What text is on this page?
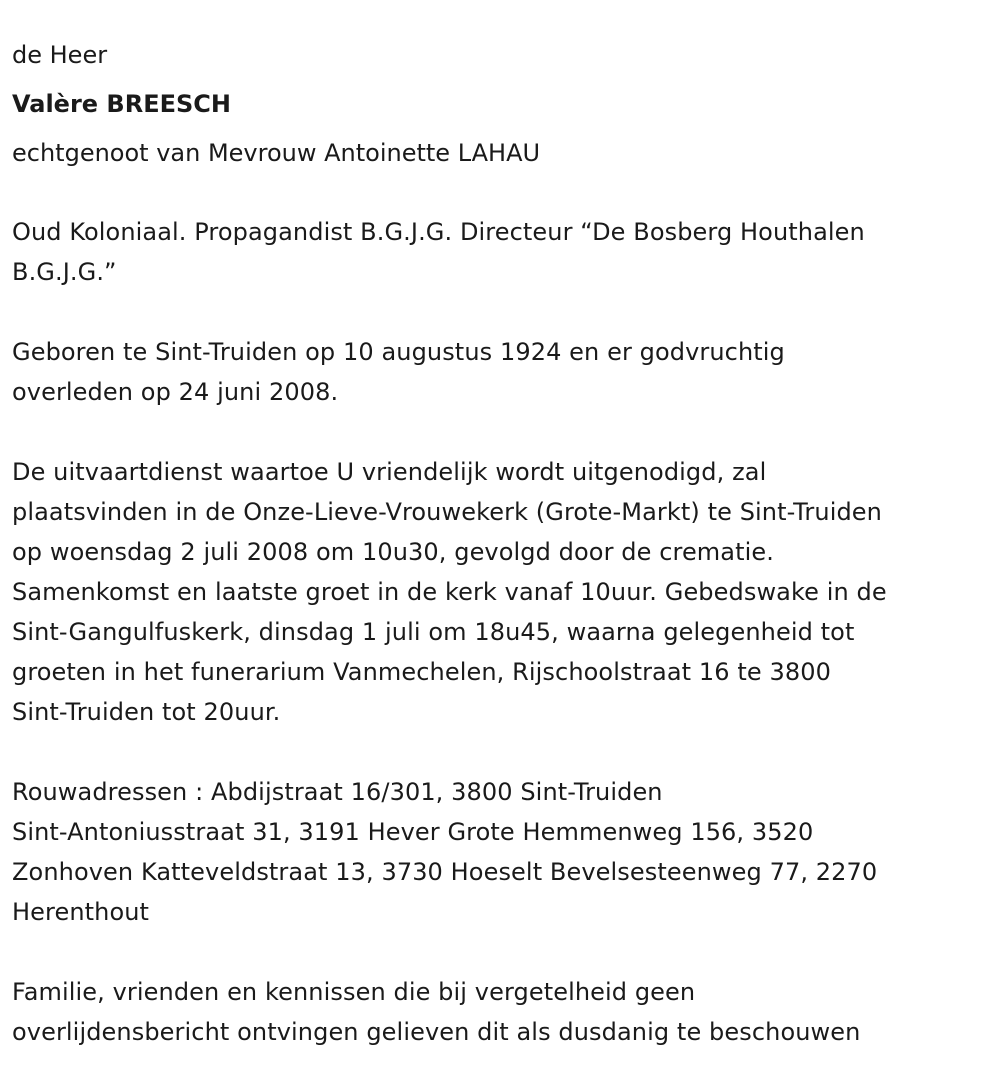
de Heer
Valère BREESCH
echtgenoot van Mevrouw Antoinette LAHAU
Oud Koloniaal. Propagandist B.G.J.G. Directeur “De Bosberg Houthalen
B.G.J.G.”
Geboren te Sint-Truiden op 10 augustus 1924 en er godvruchtig
overleden op 24 juni 2008.
De uitvaartdienst waartoe U vriendelijk wordt uitgenodigd, zal
plaatsvinden in de Onze-Lieve-Vrouwekerk (Grote-Markt) te Sint-Truiden
op woensdag 2 juli 2008 om 10u30, gevolgd door de crematie.
Samenkomst en laatste groet in de kerk vanaf 10uur. Gebedswake in de
Sint-Gangulfuskerk, dinsdag 1 juli om 18u45, waarna gelegenheid tot
groeten in het funerarium Vanmechelen, Rijschoolstraat 16 te 3800
Sint-Truiden tot 20uur.
Rouwadressen : Abdijstraat 16/301, 3800 Sint-Truiden
Sint-Antoniusstraat 31, 3191 Hever Grote Hemmenweg 156, 3520
Zonhoven Katteveldstraat 13, 3730 Hoeselt Bevelsesteenweg 77, 2270
Herenthout
Familie, vrienden en kennissen die bij vergetelheid geen
overlijdensbericht ontvingen gelieven dit als dusdanig te beschouwen
